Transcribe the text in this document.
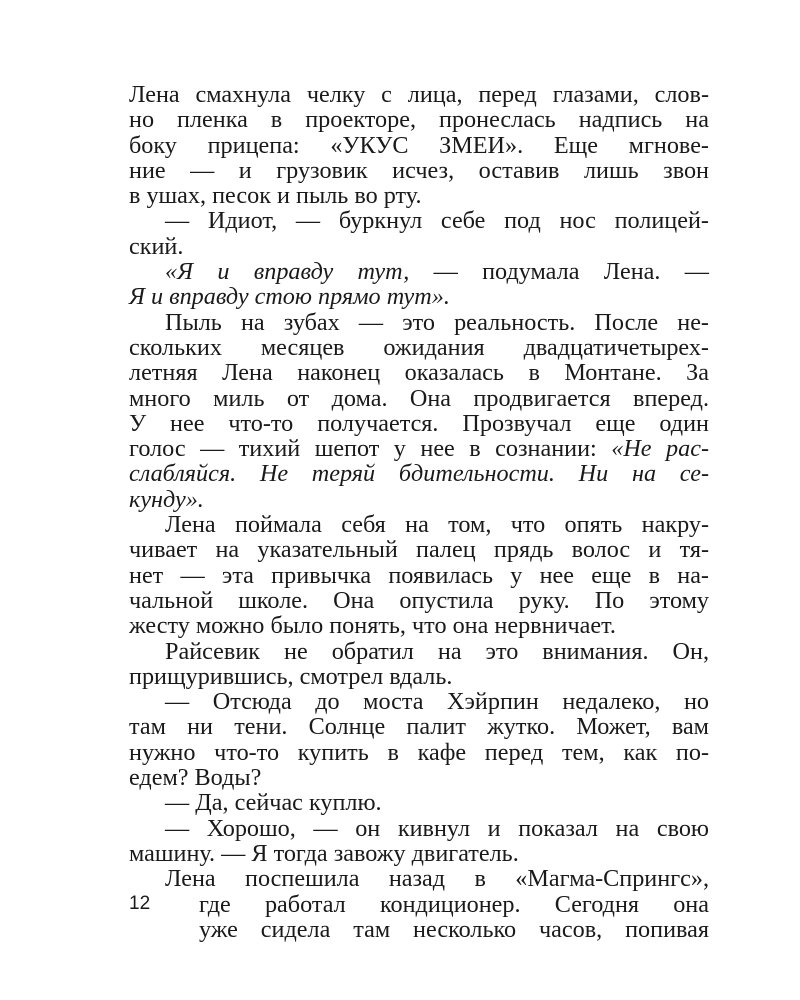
Лена смахнула челку с лица, перед глазами, слов-
но пленка в проекторе, пронеслась надпись на
боку прицепа: «УКУС ЗМЕИ». Еще мгнове-
ние — и грузовик исчез, оставив лишь звон
в ушах, песок и пыль во рту.
— Идиот, — буркнул себе под нос полицей-
ский.
«Я и вправду тут, — подумала Лена. —
Я и вправду стою прямо тут».
Пыль на зубах — это реальность. После не-
скольких месяцев ожидания двадцатичетырех-
летняя Лена наконец оказалась в Монтане. За
много миль от дома. Она продвигается вперед.
У нее что-то получается. Прозвучал еще один
голос — тихий шепот у нее в сознании: «Не рас-
слабляйся. Не теряй бдительности. Ни на се-
кунду».
Лена поймала себя на том, что опять накру-
чивает на указательный палец прядь волос и тя-
нет — эта привычка появилась у нее еще в на-
чальной школе. Она опустила руку. По этому
жесту можно было понять, что она нервничает.
Райсевик не обратил на это внимания. Он,
прищурившись, смотрел вдаль.
— Отсюда до моста Хэйрпин недалеко, но
там ни тени. Солнце палит жутко. Может, вам
нужно что-то купить в кафе перед тем, как по-
едем? Воды?
— Да, сейчас куплю.
— Хорошо, — он кивнул и показал на свою
машину. — Я тогда завожу двигатель.
Лена поспешила назад в «Магма-Спрингс»,
где работал кондиционер. Сегодня она
уже сидела там несколько часов, попивая
12
